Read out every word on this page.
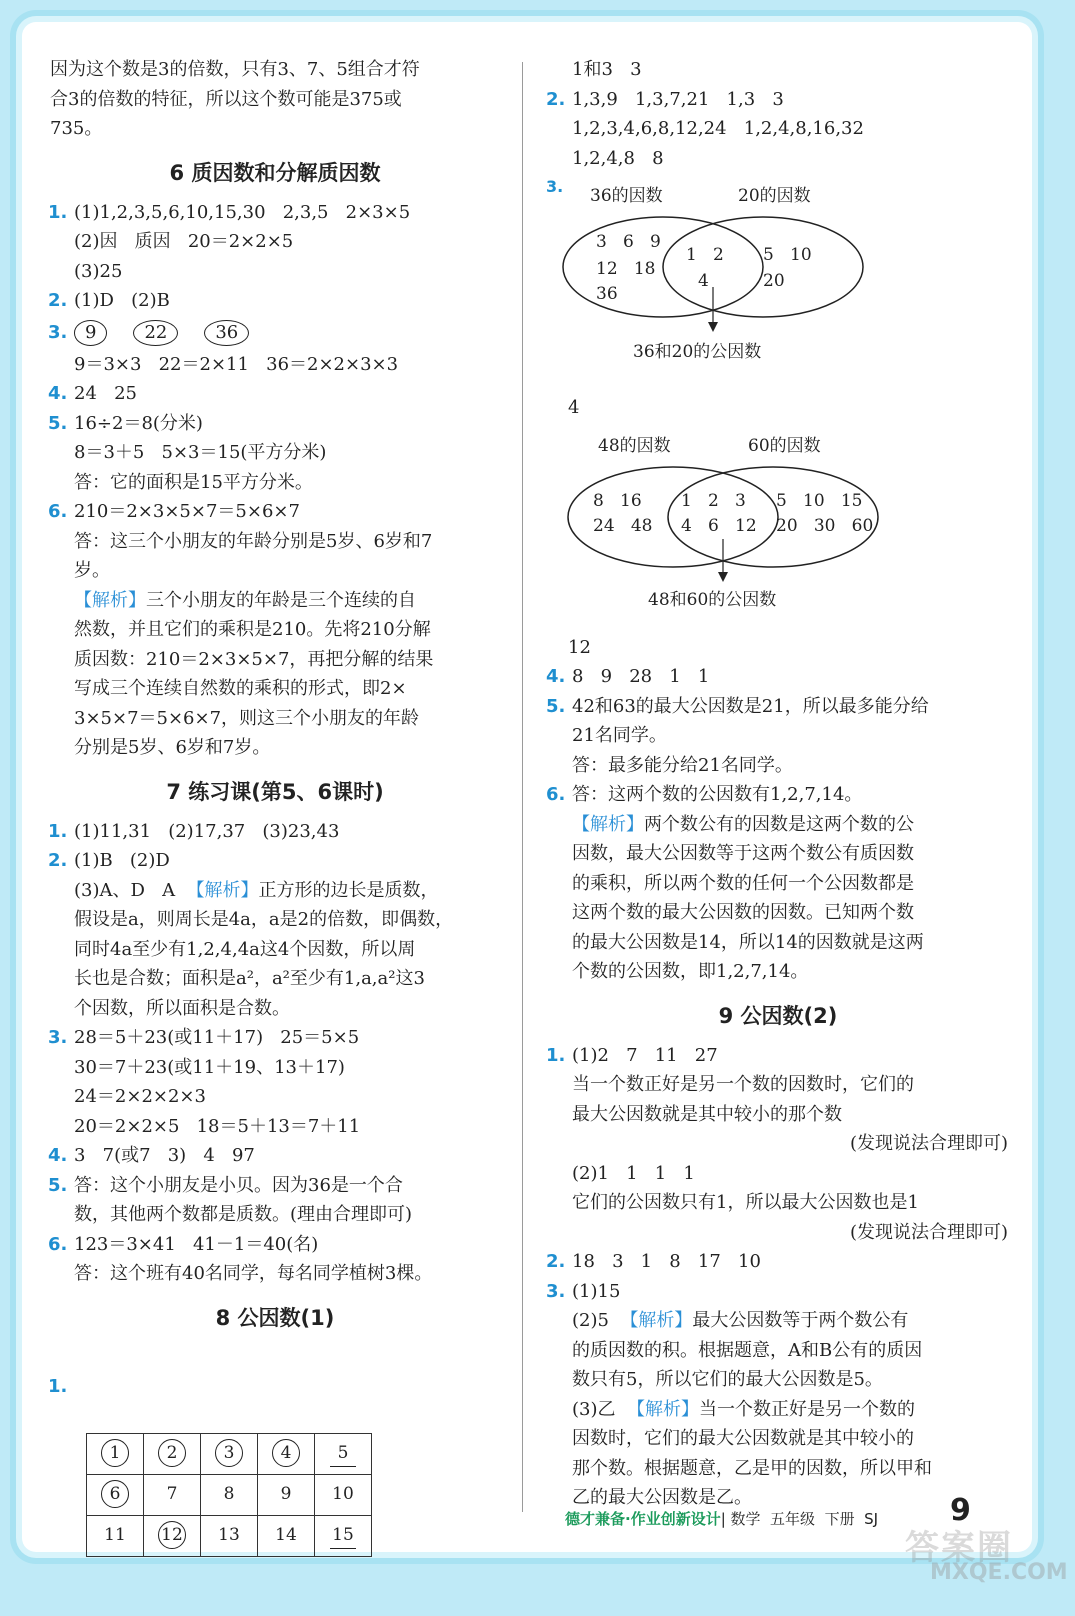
因为这个数是3的倍数，只有3、7、5组合才符
合3的倍数的特征，所以这个数可能是375或
735。
6 质因数和分解质因数
1. (1)1,2,3,5,6,10,15,30   2,3,5   2×3×5
(2)因   质因   20＝2×2×5
(3)25
2. (1)D   (2)B
3. 9	22	36
9＝3×3   22＝2×11   36＝2×2×3×3
4. 24   25
5. 16÷2＝8(分米)
8＝3＋5   5×3＝15(平方分米)
答：它的面积是15平方分米。
6. 210＝2×3×5×7＝5×6×7
答：这三个小朋友的年龄分别是5岁、6岁和7
岁。
【解析】三个小朋友的年龄是三个连续的自
然数，并且它们的乘积是210。先将210分解
质因数：210＝2×3×5×7，再把分解的结果
写成三个连续自然数的乘积的形式，即2×
3×5×7＝5×6×7，则这三个小朋友的年龄
分别是5岁、6岁和7岁。
7 练习课(第5、6课时)
1. (1)11,31   (2)17,37   (3)23,43
2. (1)B   (2)D
(3)A、D   A  【解析】正方形的边长是质数，
假设是a，则周长是4a，a是2的倍数，即偶数，
同时4a至少有1,2,4,4a这4个因数，所以周
长也是合数；面积是a²，a²至少有1,a,a²这3
个因数，所以面积是合数。
3. 28＝5＋23(或11＋17)   25＝5×5
30＝7＋23(或11＋19、13＋17)
24＝2×2×2×3
20＝2×2×5   18＝5＋13＝7＋11
4. 3   7(或7   3)   4   97
5. 答：这个小朋友是小贝。因为36是一个合
数，其他两个数都是质数。(理由合理即可)
6. 123＝3×41   41－1＝40(名)
答：这个班有40名同学，每名同学植树3棵。
8 公因数(1)

1.

1	2	3	4	5
6	7	8	9	10
11	12	13	14	15

1和3   3
2. 1,3,9   1,3,7,21   1,3   3
1,2,3,4,6,8,12,24   1,2,4,8,16,32
1,2,4,8   8
3. 36的因数	20的因数
3   6   9
12   18
36
1   2
4
5   10
20
36和20的公因数
4
48的因数	60的因数
8   16
24   48
1   2   3
4   6   12
5   10   15
20   30   60
48和60的公因数
12
4. 8   9   28   1   1
5. 42和63的最大公因数是21，所以最多能分给
21名同学。
答：最多能分给21名同学。
6. 答：这两个数的公因数有1,2,7,14。
【解析】两个数公有的因数是这两个数的公
因数，最大公因数等于这两个数公有质因数
的乘积，所以两个数的任何一个公因数都是
这两个数的最大公因数的因数。已知两个数
的最大公因数是14，所以14的因数就是这两
个数的公因数，即1,2,7,14。
9 公因数(2)
1. (1)2   7   11   27
当一个数正好是另一个数的因数时，它们的
最大公因数就是其中较小的那个数
(发现说法合理即可)
(2)1   1   1   1
它们的公因数只有1，所以最大公因数也是1
(发现说法合理即可)
2. 18   3   1   8   17   10
3. (1)15
(2)5  【解析】最大公因数等于两个数公有
的质因数的积。根据题意，A和B公有的质因
数只有5，所以它们的最大公因数是5。
(3)乙  【解析】当一个数正好是另一个数的
因数时，它们的最大公因数就是其中较小的
那个数。根据题意，乙是甲的因数，所以甲和
乙的最大公因数是乙。
德才兼备·作业创新设计| 数学  五年级  下册  SJ 9
答案圈
MXQE.COM
